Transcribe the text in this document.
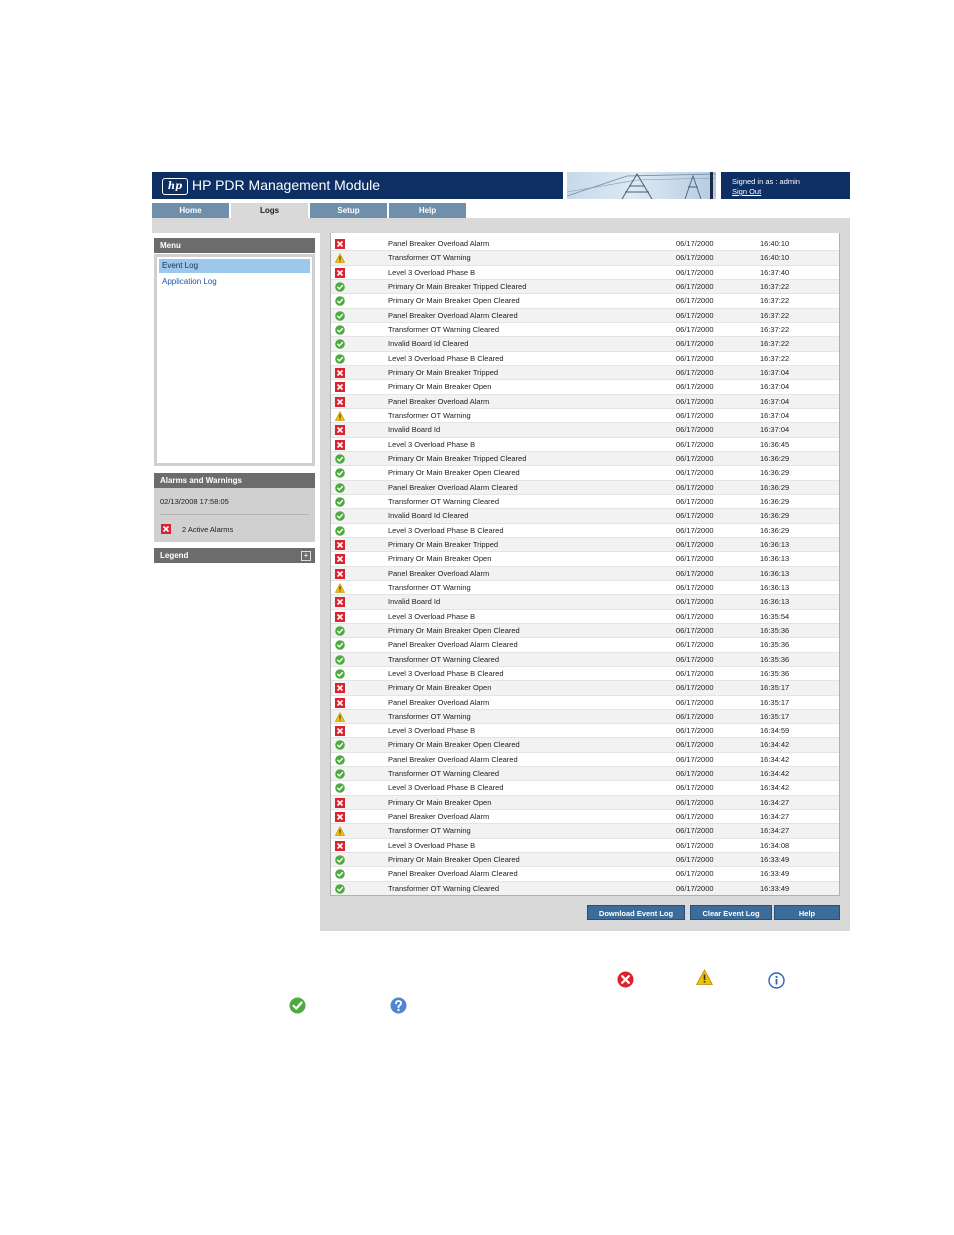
hp HP PDR Management Module	Signed in as : admin
Sign Out
Home	Logs	Setup	Help
Menu
Event Log
Application Log
Alarms and Warnings
02/13/2008 17:58:05
2 Active Alarms
Legend	+
Panel Breaker Overload Alarm	06/17/2000	16:40:10
Transformer OT Warning	06/17/2000	16:40:10
Level 3 Overload Phase B	06/17/2000	16:37:40
Primary Or Main Breaker Tripped Cleared	06/17/2000	16:37:22
Primary Or Main Breaker Open Cleared	06/17/2000	16:37:22
Panel Breaker Overload Alarm Cleared	06/17/2000	16:37:22
Transformer OT Warning Cleared	06/17/2000	16:37:22
Invalid Board Id Cleared	06/17/2000	16:37:22
Level 3 Overload Phase B Cleared	06/17/2000	16:37:22
Primary Or Main Breaker Tripped	06/17/2000	16:37:04
Primary Or Main Breaker Open	06/17/2000	16:37:04
Panel Breaker Overload Alarm	06/17/2000	16:37:04
Transformer OT Warning	06/17/2000	16:37:04
Invalid Board Id	06/17/2000	16:37:04
Level 3 Overload Phase B	06/17/2000	16:36:45
Primary Or Main Breaker Tripped Cleared	06/17/2000	16:36:29
Primary Or Main Breaker Open Cleared	06/17/2000	16:36:29
Panel Breaker Overload Alarm Cleared	06/17/2000	16:36:29
Transformer OT Warning Cleared	06/17/2000	16:36:29
Invalid Board Id Cleared	06/17/2000	16:36:29
Level 3 Overload Phase B Cleared	06/17/2000	16:36:29
Primary Or Main Breaker Tripped	06/17/2000	16:36:13
Primary Or Main Breaker Open	06/17/2000	16:36:13
Panel Breaker Overload Alarm	06/17/2000	16:36:13
Transformer OT Warning	06/17/2000	16:36:13
Invalid Board Id	06/17/2000	16:36:13
Level 3 Overload Phase B	06/17/2000	16:35:54
Primary Or Main Breaker Open Cleared	06/17/2000	16:35:36
Panel Breaker Overload Alarm Cleared	06/17/2000	16:35:36
Transformer OT Warning Cleared	06/17/2000	16:35:36
Level 3 Overload Phase B Cleared	06/17/2000	16:35:36
Primary Or Main Breaker Open	06/17/2000	16:35:17
Panel Breaker Overload Alarm	06/17/2000	16:35:17
Transformer OT Warning	06/17/2000	16:35:17
Level 3 Overload Phase B	06/17/2000	16:34:59
Primary Or Main Breaker Open Cleared	06/17/2000	16:34:42
Panel Breaker Overload Alarm Cleared	06/17/2000	16:34:42
Transformer OT Warning Cleared	06/17/2000	16:34:42
Level 3 Overload Phase B Cleared	06/17/2000	16:34:42
Primary Or Main Breaker Open	06/17/2000	16:34:27
Panel Breaker Overload Alarm	06/17/2000	16:34:27
Transformer OT Warning	06/17/2000	16:34:27
Level 3 Overload Phase B	06/17/2000	16:34:08
Primary Or Main Breaker Open Cleared	06/17/2000	16:33:49
Panel Breaker Overload Alarm Cleared	06/17/2000	16:33:49
Transformer OT Warning Cleared	06/17/2000	16:33:49
Download Event Log	Clear Event Log	Help
